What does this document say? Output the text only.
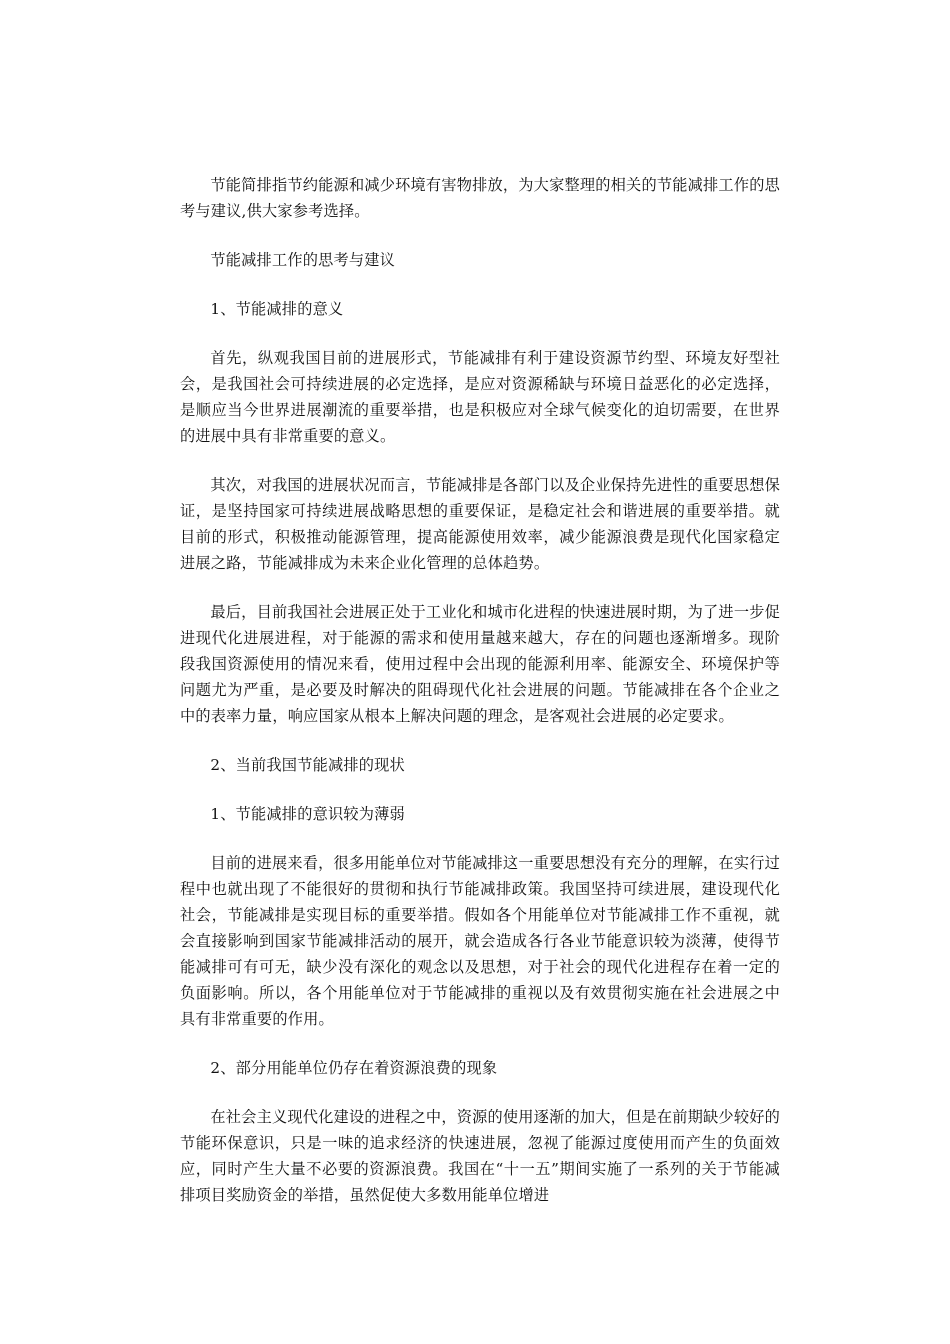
节能简排指节约能源和减少环境有害物排放，为大家整理的相关的节能减排工作的思考与建议,供大家参考选择。

节能减排工作的思考与建议

1、节能减排的意义

首先，纵观我国目前的进展形式，节能减排有利于建设资源节约型、环境友好型社会，是我国社会可持续进展的必定选择，是应对资源稀缺与环境日益恶化的必定选择，是顺应当今世界进展潮流的重要举措，也是积极应对全球气候变化的迫切需要，在世界的进展中具有非常重要的意义。

其次，对我国的进展状况而言，节能减排是各部门以及企业保持先进性的重要思想保证，是坚持国家可持续进展战略思想的重要保证，是稳定社会和谐进展的重要举措。就目前的形式，积极推动能源管理，提高能源使用效率，减少能源浪费是现代化国家稳定进展之路，节能减排成为未来企业化管理的总体趋势。

最后，目前我国社会进展正处于工业化和城市化进程的快速进展时期，为了进一步促进现代化进展进程，对于能源的需求和使用量越来越大，存在的问题也逐渐增多。现阶段我国资源使用的情况来看，使用过程中会出现的能源利用率、能源安全、环境保护等问题尤为严重，是必要及时解决的阻碍现代化社会进展的问题。节能减排在各个企业之中的表率力量，响应国家从根本上解决问题的理念，是客观社会进展的必定要求。

2、当前我国节能减排的现状

1、节能减排的意识较为薄弱

目前的进展来看，很多用能单位对节能减排这一重要思想没有充分的理解，在实行过程中也就出现了不能很好的贯彻和执行节能减排政策。我国坚持可续进展，建设现代化社会，节能减排是实现目标的重要举措。假如各个用能单位对节能减排工作不重视，就会直接影响到国家节能减排活动的展开，就会造成各行各业节能意识较为淡薄，使得节能减排可有可无，缺少没有深化的观念以及思想，对于社会的现代化进程存在着一定的负面影响。所以，各个用能单位对于节能减排的重视以及有效贯彻实施在社会进展之中具有非常重要的作用。

2、部分用能单位仍存在着资源浪费的现象

在社会主义现代化建设的进程之中，资源的使用逐渐的加大，但是在前期缺少较好的节能环保意识，只是一味的追求经济的快速进展，忽视了能源过度使用而产生的负面效应，同时产生大量不必要的资源浪费。我国在“十一五”期间实施了一系列的关于节能减排项目奖励资金的举措，虽然促使大多数用能单位增进
